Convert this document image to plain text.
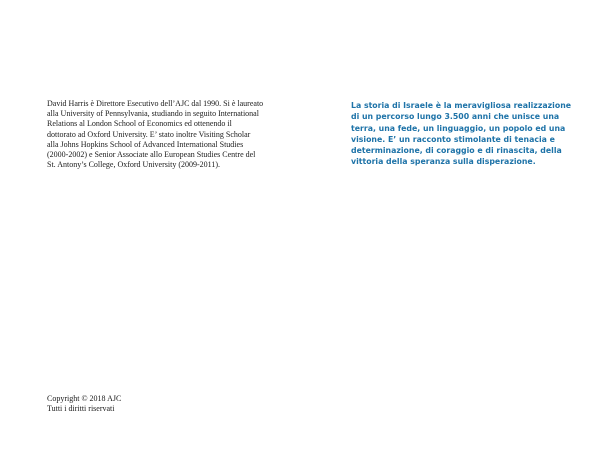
David Harris è Direttore Esecutivo dell’AJC dal 1990. Si è laureato
alla University of Pennsylvania, studiando in seguito International
Relations al London School of Economics ed ottenendo il
dottorato ad Oxford University. E’ stato inoltre Visiting Scholar
alla Johns Hopkins School of Advanced International Studies
(2000-2002) e Senior Associate allo European Studies Centre del
St. Antony’s College, Oxford University (2009-2011).
La storia di Israele è la meravigliosa realizzazione
di un percorso lungo 3.500 anni che unisce una
terra, una fede, un linguaggio, un popolo ed una
visione. E’ un racconto stimolante di tenacia e
determinazione, di coraggio e di rinascita, della
vittoria della speranza sulla disperazione.
Copyright © 2018 AJC
Tutti i diritti riservati
